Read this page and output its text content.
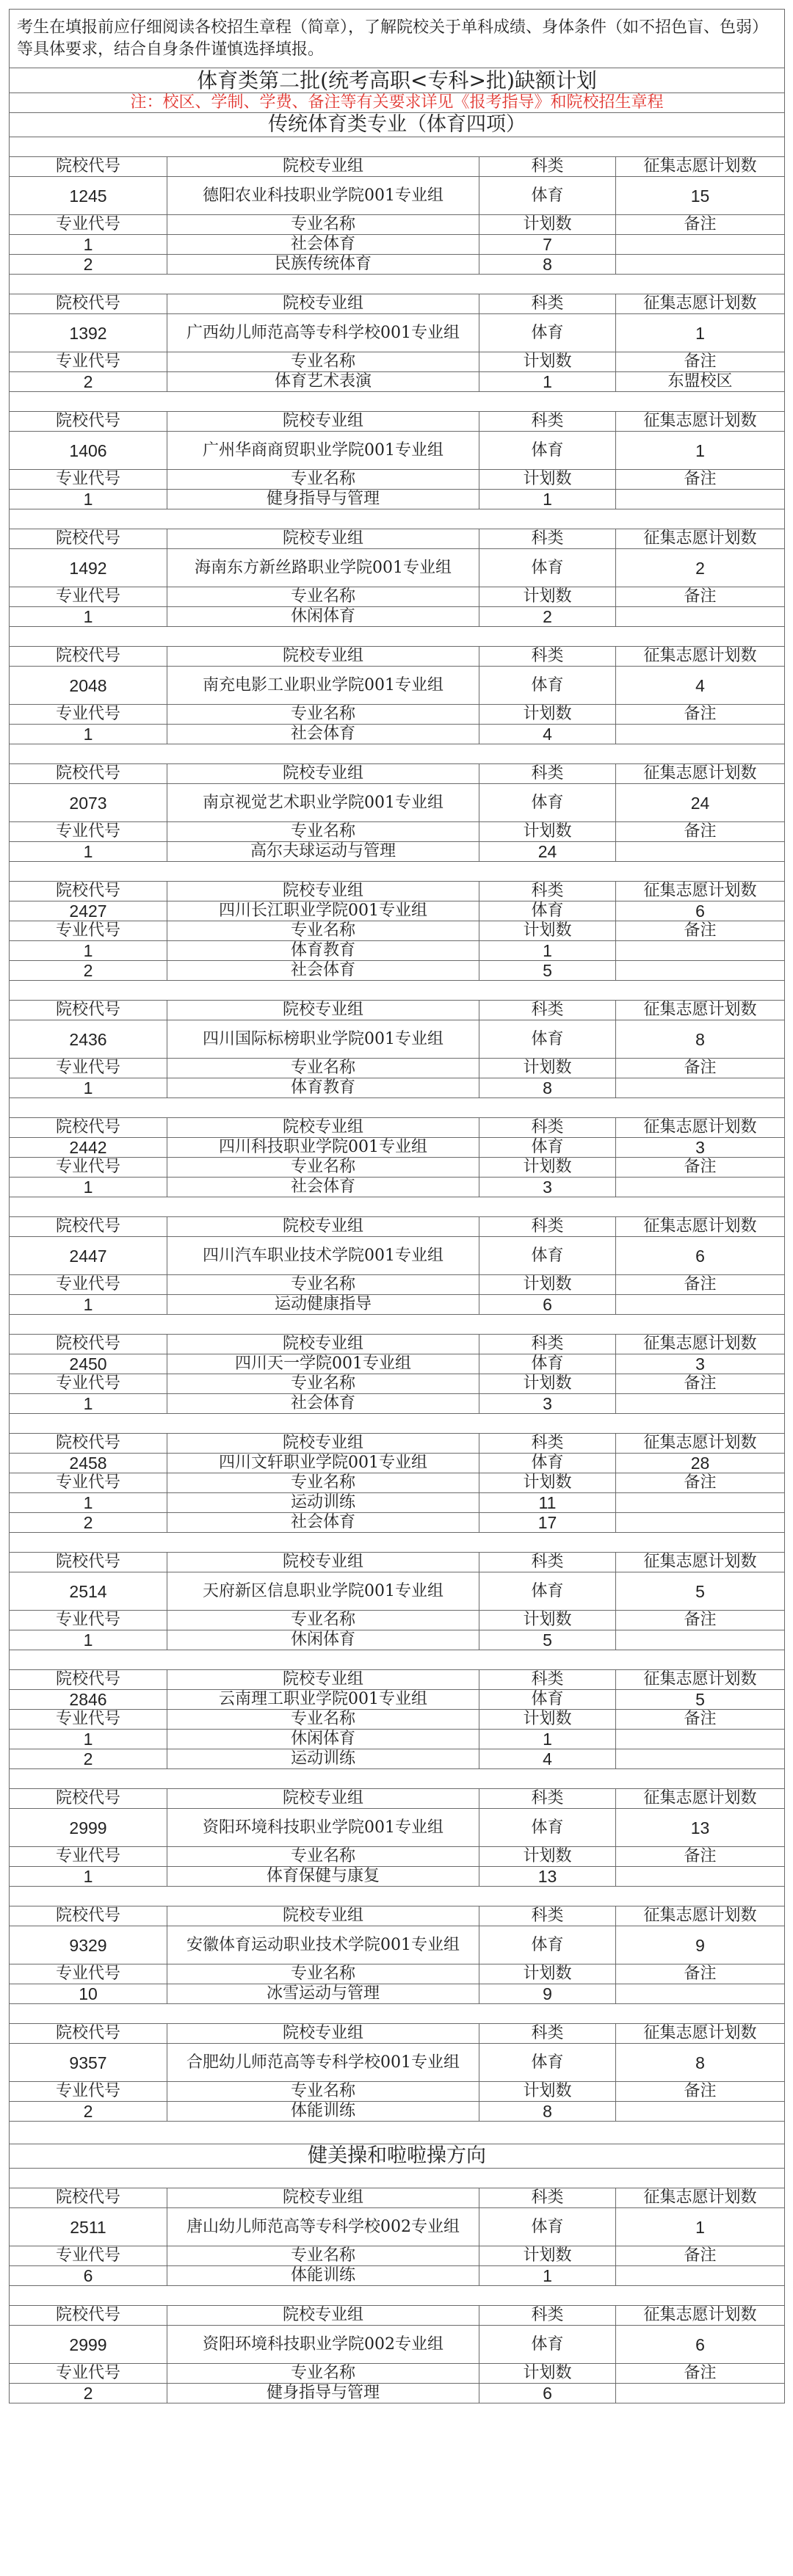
考生在填报前应仔细阅读各校招生章程（简章），了解院校关于单科成绩、身体条件（如不招色盲、色弱）等具体要求，结合自身条件谨慎选择填报。			
体育类第二批(统考高职<专科>批)缺额计划			
注：校区、学制、学费、备注等有关要求详见《报考指导》和院校招生章程			
传统体育类专业（体育四项）			

院校代号	院校专业组	科类	征集志愿计划数
1245	德阳农业科技职业学院001专业组	体育	15
专业代号	专业名称	计划数	备注
1	社会体育	7	
2	民族传统体育	8	

院校代号	院校专业组	科类	征集志愿计划数
1392	广西幼儿师范高等专科学校001专业组	体育	1
专业代号	专业名称	计划数	备注
2	体育艺术表演	1	东盟校区

院校代号	院校专业组	科类	征集志愿计划数
1406	广州华商商贸职业学院001专业组	体育	1
专业代号	专业名称	计划数	备注
1	健身指导与管理	1	

院校代号	院校专业组	科类	征集志愿计划数
1492	海南东方新丝路职业学院001专业组	体育	2
专业代号	专业名称	计划数	备注
1	休闲体育	2	

院校代号	院校专业组	科类	征集志愿计划数
2048	南充电影工业职业学院001专业组	体育	4
专业代号	专业名称	计划数	备注
1	社会体育	4	

院校代号	院校专业组	科类	征集志愿计划数
2073	南京视觉艺术职业学院001专业组	体育	24
专业代号	专业名称	计划数	备注
1	高尔夫球运动与管理	24	

院校代号	院校专业组	科类	征集志愿计划数
2427	四川长江职业学院001专业组	体育	6
专业代号	专业名称	计划数	备注
1	体育教育	1	
2	社会体育	5	

院校代号	院校专业组	科类	征集志愿计划数
2436	四川国际标榜职业学院001专业组	体育	8
专业代号	专业名称	计划数	备注
1	体育教育	8	

院校代号	院校专业组	科类	征集志愿计划数
2442	四川科技职业学院001专业组	体育	3
专业代号	专业名称	计划数	备注
1	社会体育	3	

院校代号	院校专业组	科类	征集志愿计划数
2447	四川汽车职业技术学院001专业组	体育	6
专业代号	专业名称	计划数	备注
1	运动健康指导	6	

院校代号	院校专业组	科类	征集志愿计划数
2450	四川天一学院001专业组	体育	3
专业代号	专业名称	计划数	备注
1	社会体育	3	

院校代号	院校专业组	科类	征集志愿计划数
2458	四川文轩职业学院001专业组	体育	28
专业代号	专业名称	计划数	备注
1	运动训练	11	
2	社会体育	17	

院校代号	院校专业组	科类	征集志愿计划数
2514	天府新区信息职业学院001专业组	体育	5
专业代号	专业名称	计划数	备注
1	休闲体育	5	

院校代号	院校专业组	科类	征集志愿计划数
2846	云南理工职业学院001专业组	体育	5
专业代号	专业名称	计划数	备注
1	休闲体育	1	
2	运动训练	4	

院校代号	院校专业组	科类	征集志愿计划数
2999	资阳环境科技职业学院001专业组	体育	13
专业代号	专业名称	计划数	备注
1	体育保健与康复	13	

院校代号	院校专业组	科类	征集志愿计划数
9329	安徽体育运动职业技术学院001专业组	体育	9
专业代号	专业名称	计划数	备注
10	冰雪运动与管理	9	

院校代号	院校专业组	科类	征集志愿计划数
9357	合肥幼儿师范高等专科学校001专业组	体育	8
专业代号	专业名称	计划数	备注
2	体能训练	8	

健美操和啦啦操方向			

院校代号	院校专业组	科类	征集志愿计划数
2511	唐山幼儿师范高等专科学校002专业组	体育	1
专业代号	专业名称	计划数	备注
6	体能训练	1	

院校代号	院校专业组	科类	征集志愿计划数
2999	资阳环境科技职业学院002专业组	体育	6
专业代号	专业名称	计划数	备注
2	健身指导与管理	6	
